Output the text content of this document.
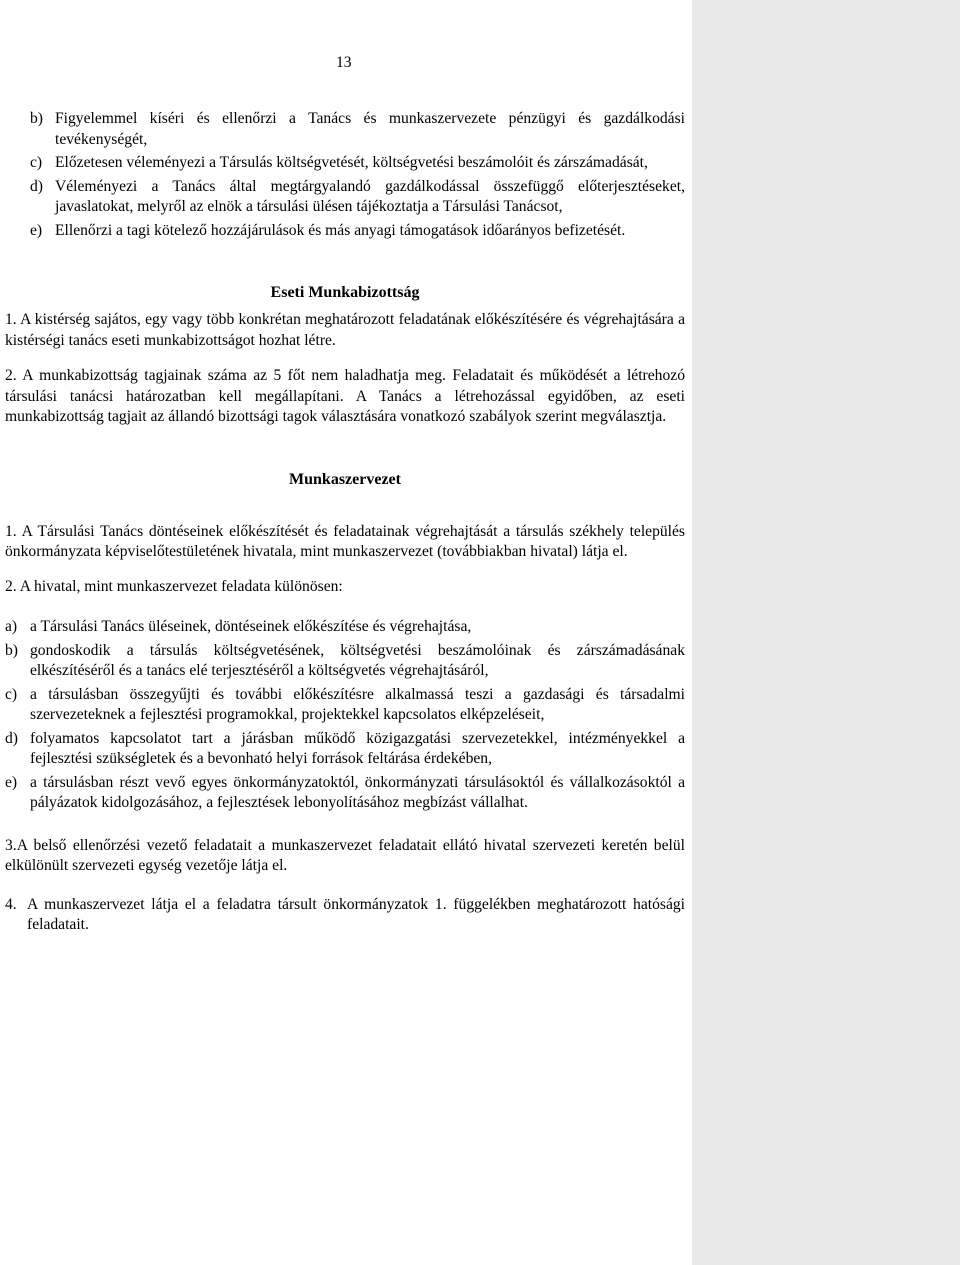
13
b) Figyelemmel kíséri és ellenőrzi a Tanács és munkaszervezete pénzügyi és gazdálkodási tevékenységét,
c) Előzetesen véleményezi a Társulás költségvetését, költségvetési beszámolóit és zárszámadását,
d) Véleményezi a Tanács által megtárgyalandó gazdálkodással összefüggő előterjesztéseket, javaslatokat, melyről az elnök a társulási ülésen tájékoztatja a Társulási Tanácsot,
e) Ellenőrzi a tagi kötelező hozzájárulások és más anyagi támogatások időarányos befizetését.

Eseti Munkabizottság

1. A kistérség sajátos, egy vagy több konkrétan meghatározott feladatának előkészítésére és végrehajtására a kistérségi tanács eseti munkabizottságot hozhat létre.

2. A munkabizottság tagjainak száma az 5 főt nem haladhatja meg. Feladatait és működését a létrehozó társulási tanácsi határozatban kell megállapítani. A Tanács a létrehozással egyidőben, az eseti munkabizottság tagjait az állandó bizottsági tagok választására vonatkozó szabályok szerint megválasztja.

Munkaszervezet

1. A Társulási Tanács döntéseinek előkészítését és feladatainak végrehajtását a társulás székhely település önkormányzata képviselőtestületének hivatala, mint munkaszervezet (továbbiakban hivatal) látja el.

2. A hivatal, mint munkaszervezet feladata különösen:

a) a Társulási Tanács üléseinek, döntéseinek előkészítése és végrehajtása,
b) gondoskodik a társulás költségvetésének, költségvetési beszámolóinak és zárszámadásának elkészítéséről és a tanács elé terjesztéséről a költségvetés végrehajtásáról,
c) a társulásban összegyűjti és további előkészítésre alkalmassá teszi a gazdasági és társadalmi szervezeteknek a fejlesztési programokkal, projektekkel kapcsolatos elképzeléseit,
d) folyamatos kapcsolatot tart a járásban működő közigazgatási szervezetekkel, intézményekkel a fejlesztési szükségletek és a bevonható helyi források feltárása érdekében,
e) a társulásban részt vevő egyes önkormányzatoktól, önkormányzati társulásoktól és vállalkozásoktól a pályázatok kidolgozásához, a fejlesztések lebonyolításához megbízást vállalhat.

3.A belső ellenőrzési vezető feladatait a munkaszervezet feladatait ellátó hivatal szervezeti keretén belül elkülönült szervezeti egység vezetője látja el.

4. A munkaszervezet látja el a feladatra társult önkormányzatok 1. függelékben meghatározott hatósági feladatait.
